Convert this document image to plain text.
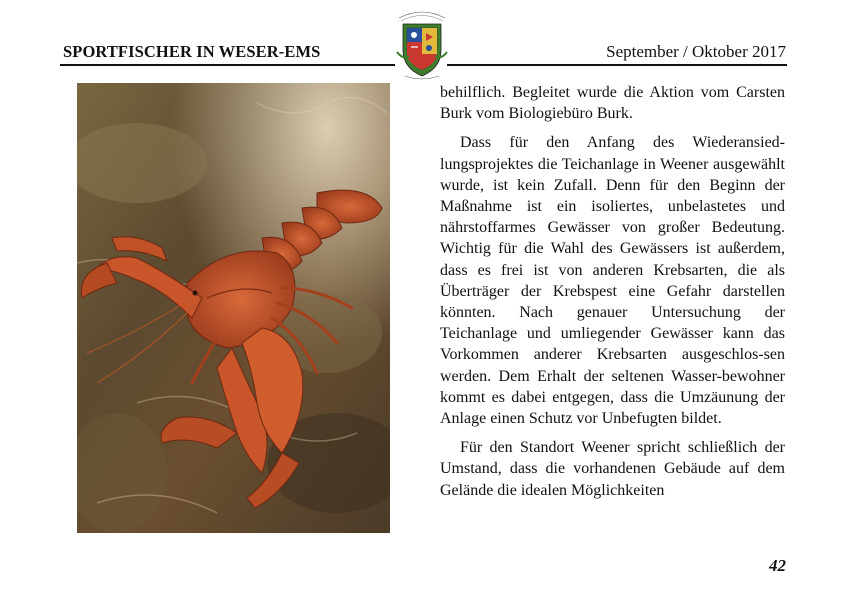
SPORTFISCHER IN WESER-EMS	September / Oktober 2017

behilflich. Begleitet wurde die Aktion vom Carsten Burk vom Biologiebüro Burk.

Dass für den Anfang des Wiederansied-lungsprojektes die Teichanlage in Weener ausgewählt wurde, ist kein Zufall. Denn für den Beginn der Maßnahme ist ein isoliertes, unbelastetes und nährstoffarmes Gewässer von großer Bedeutung. Wichtig für die Wahl des Gewässers ist außerdem, dass es frei ist von anderen Krebsarten, die als Überträger der Krebspest eine Gefahr darstellen könnten. Nach genauer Untersuchung der Teichanlage und umliegender Gewässer kann das Vorkommen anderer Krebsarten ausgeschlos-sen werden. Dem Erhalt der seltenen Wasser-bewohner kommt es dabei entgegen, dass die Umzäunung der Anlage einen Schutz vor Unbefugten bildet.

Für den Standort Weener spricht schließlich der Umstand, dass die vorhandenen Gebäude auf dem Gelände die idealen Möglichkeiten

42
